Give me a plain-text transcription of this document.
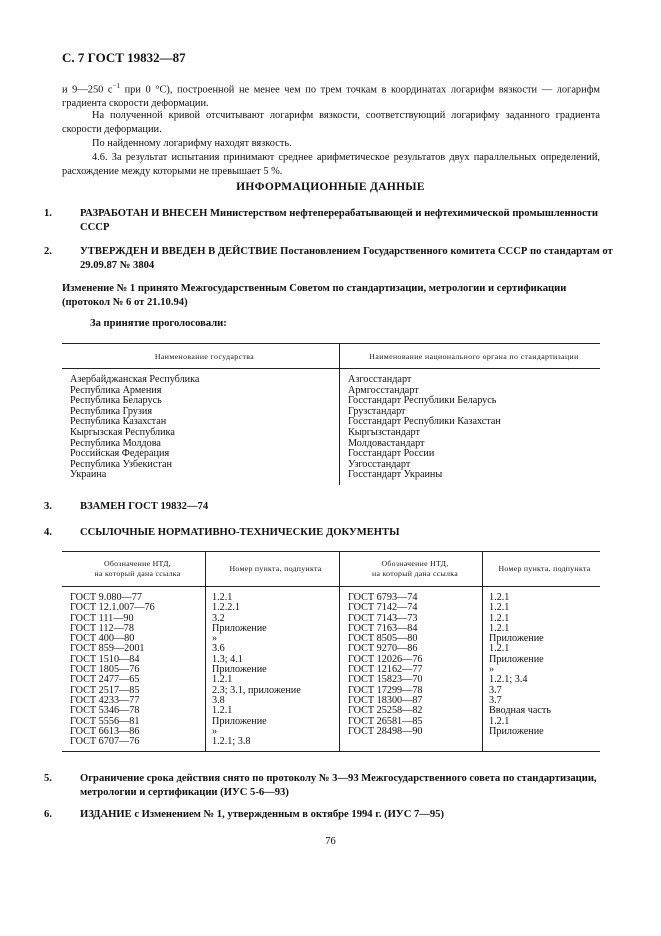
С. 7 ГОСТ 19832—87
и 9—250 $с^{-1}$ при 0 °С), построенной не менее чем по трем точкам в координатах логарифм вязкости — логарифм градиента скорости деформации.
На полученной кривой отсчитывают логарифм вязкости, соответствующий логарифму заданного градиента скорости деформации.
По найденному логарифму находят вязкость.
4.6. За результат испытания принимают среднее арифметическое результатов двух параллельных определений, расхождение между которыми не превышает 5 %.
ИНФОРМАЦИОННЫЕ ДАННЫЕ
1.	РАЗРАБОТАН И ВНЕСЕН Министерством нефтеперерабатывающей и нефтехимической промышленности СССР
2.	УТВЕРЖДЕН И ВВЕДЕН В ДЕЙСТВИЕ Постановлением Государственного комитета СССР по стандартам от 29.09.87 № 3804
Изменение № 1 принято Межгосударственным Советом по стандартизации, метрологии и сертификации (протокол № 6 от 21.10.94)
За принятие проголосовали:
Наименование государства	Наименование национального органа по стандартизации
Азербайджанская Республика	Азгосстандарт
Республика Армения	Армгосстандарт
Республика Беларусь	Госстандарт Республики Беларусь
Республика Грузия	Грузстандарт
Республика Казахстан	Госстандарт Республики Казахстан
Кыргызская Республика	Кыргызстандарт
Республика Молдова	Молдовастандарт
Российская Федерация	Госстандарт России
Республика Узбекистан	Узгосстандарт
Украина	Госстандарт Украины
3.	ВЗАМЕН ГОСТ 19832—74
4.	ССЫЛОЧНЫЕ НОРМАТИВНО-ТЕХНИЧЕСКИЕ ДОКУМЕНТЫ
Обозначение НТД,
на который дана ссылка	Номер пункта, подпункта	Обозначение НТД,
на который дана ссылка	Номер пункта, подпункта
ГОСТ 9.080—77	1.2.1	ГОСТ 6793—74	1.2.1
ГОСТ 12.1.007—76	1.2.2.1	ГОСТ 7142—74	1.2.1
ГОСТ 111—90	3.2	ГОСТ 7143—73	1.2.1
ГОСТ 112—78	Приложение	ГОСТ 7163—84	1.2.1
ГОСТ 400—80	»	ГОСТ 8505—80	Приложение
ГОСТ 859—2001	3.6	ГОСТ 9270—86	1.2.1
ГОСТ 1510—84	1.3; 4.1	ГОСТ 12026—76	Приложение
ГОСТ 1805—76	Приложение	ГОСТ 12162—77	»
ГОСТ 2477—65	1.2.1	ГОСТ 15823—70	1.2.1; 3.4
ГОСТ 2517—85	2.3; 3.1, приложение	ГОСТ 17299—78	3.7
ГОСТ 4233—77	3.8	ГОСТ 18300—87	3.7
ГОСТ 5346—78	1.2.1	ГОСТ 25258—82	Вводная часть
ГОСТ 5556—81	Приложение	ГОСТ 26581—85	1.2.1
ГОСТ 6613—86	»	ГОСТ 28498—90	Приложение
ГОСТ 6707—76	1.2.1; 3.8		
5.	Ограничение срока действия снято по протоколу № 3—93 Межгосударственного совета по стандартизации, метрологии и сертификации (ИУС 5-6—93)
76
6.	ИЗДАНИЕ с Изменением № 1, утвержденным в октябре 1994 г. (ИУС 7—95)
